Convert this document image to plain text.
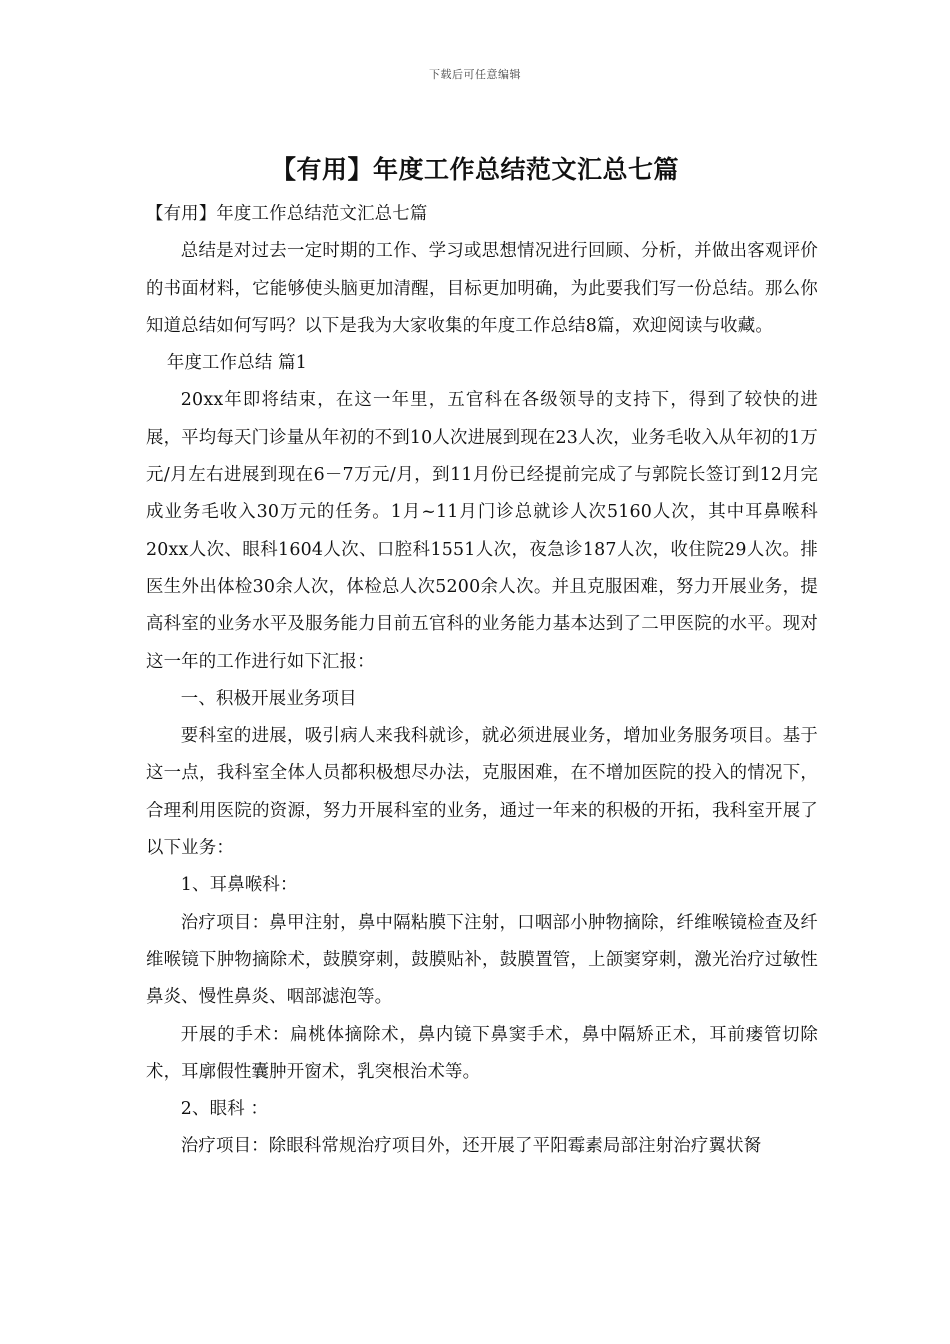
下载后可任意编辑
【有用】年度工作总结范文汇总七篇

【有用】年度工作总结范文汇总七篇

总结是对过去一定时期的工作、学习或思想情况进行回顾、分析，并做出客观评价的书面材料，它能够使头脑更加清醒，目标更加明确，为此要我们写一份总结。那么你知道总结如何写吗？以下是我为大家收集的年度工作总结8篇，欢迎阅读与收藏。

年度工作总结 篇1

20xx年即将结束，在这一年里，五官科在各级领导的支持下，得到了较快的进展，平均每天门诊量从年初的不到10人次进展到现在23人次，业务毛收入从年初的1万元/月左右进展到现在6－7万元/月，到11月份已经提前完成了与郭院长签订到12月完成业务毛收入30万元的任务。1月~11月门诊总就诊人次5160人次，其中耳鼻喉科20xx人次、眼科1604人次、口腔科1551人次，夜急诊187人次，收住院29人次。排医生外出体检30余人次，体检总人次5200余人次。并且克服困难，努力开展业务，提高科室的业务水平及服务能力目前五官科的业务能力基本达到了二甲医院的水平。现对这一年的工作进行如下汇报：

一、积极开展业务项目

要科室的进展，吸引病人来我科就诊，就必须进展业务，增加业务服务项目。基于这一点，我科室全体人员都积极想尽办法，克服困难，在不增加医院的投入的情况下，合理利用医院的资源，努力开展科室的业务，通过一年来的积极的开拓，我科室开展了以下业务：

1、耳鼻喉科：

治疗项目：鼻甲注射，鼻中隔粘膜下注射，口咽部小肿物摘除，纤维喉镜检查及纤维喉镜下肿物摘除术，鼓膜穿刺，鼓膜贴补，鼓膜置管，上颌窦穿刺，激光治疗过敏性鼻炎、慢性鼻炎、咽部滤泡等。

开展的手术：扁桃体摘除术，鼻内镜下鼻窦手术，鼻中隔矫正术，耳前瘘管切除术，耳廓假性囊肿开窗术，乳突根治术等。

2、眼科 ：

治疗项目：除眼科常规治疗项目外，还开展了平阳霉素局部注射治疗翼状胬
